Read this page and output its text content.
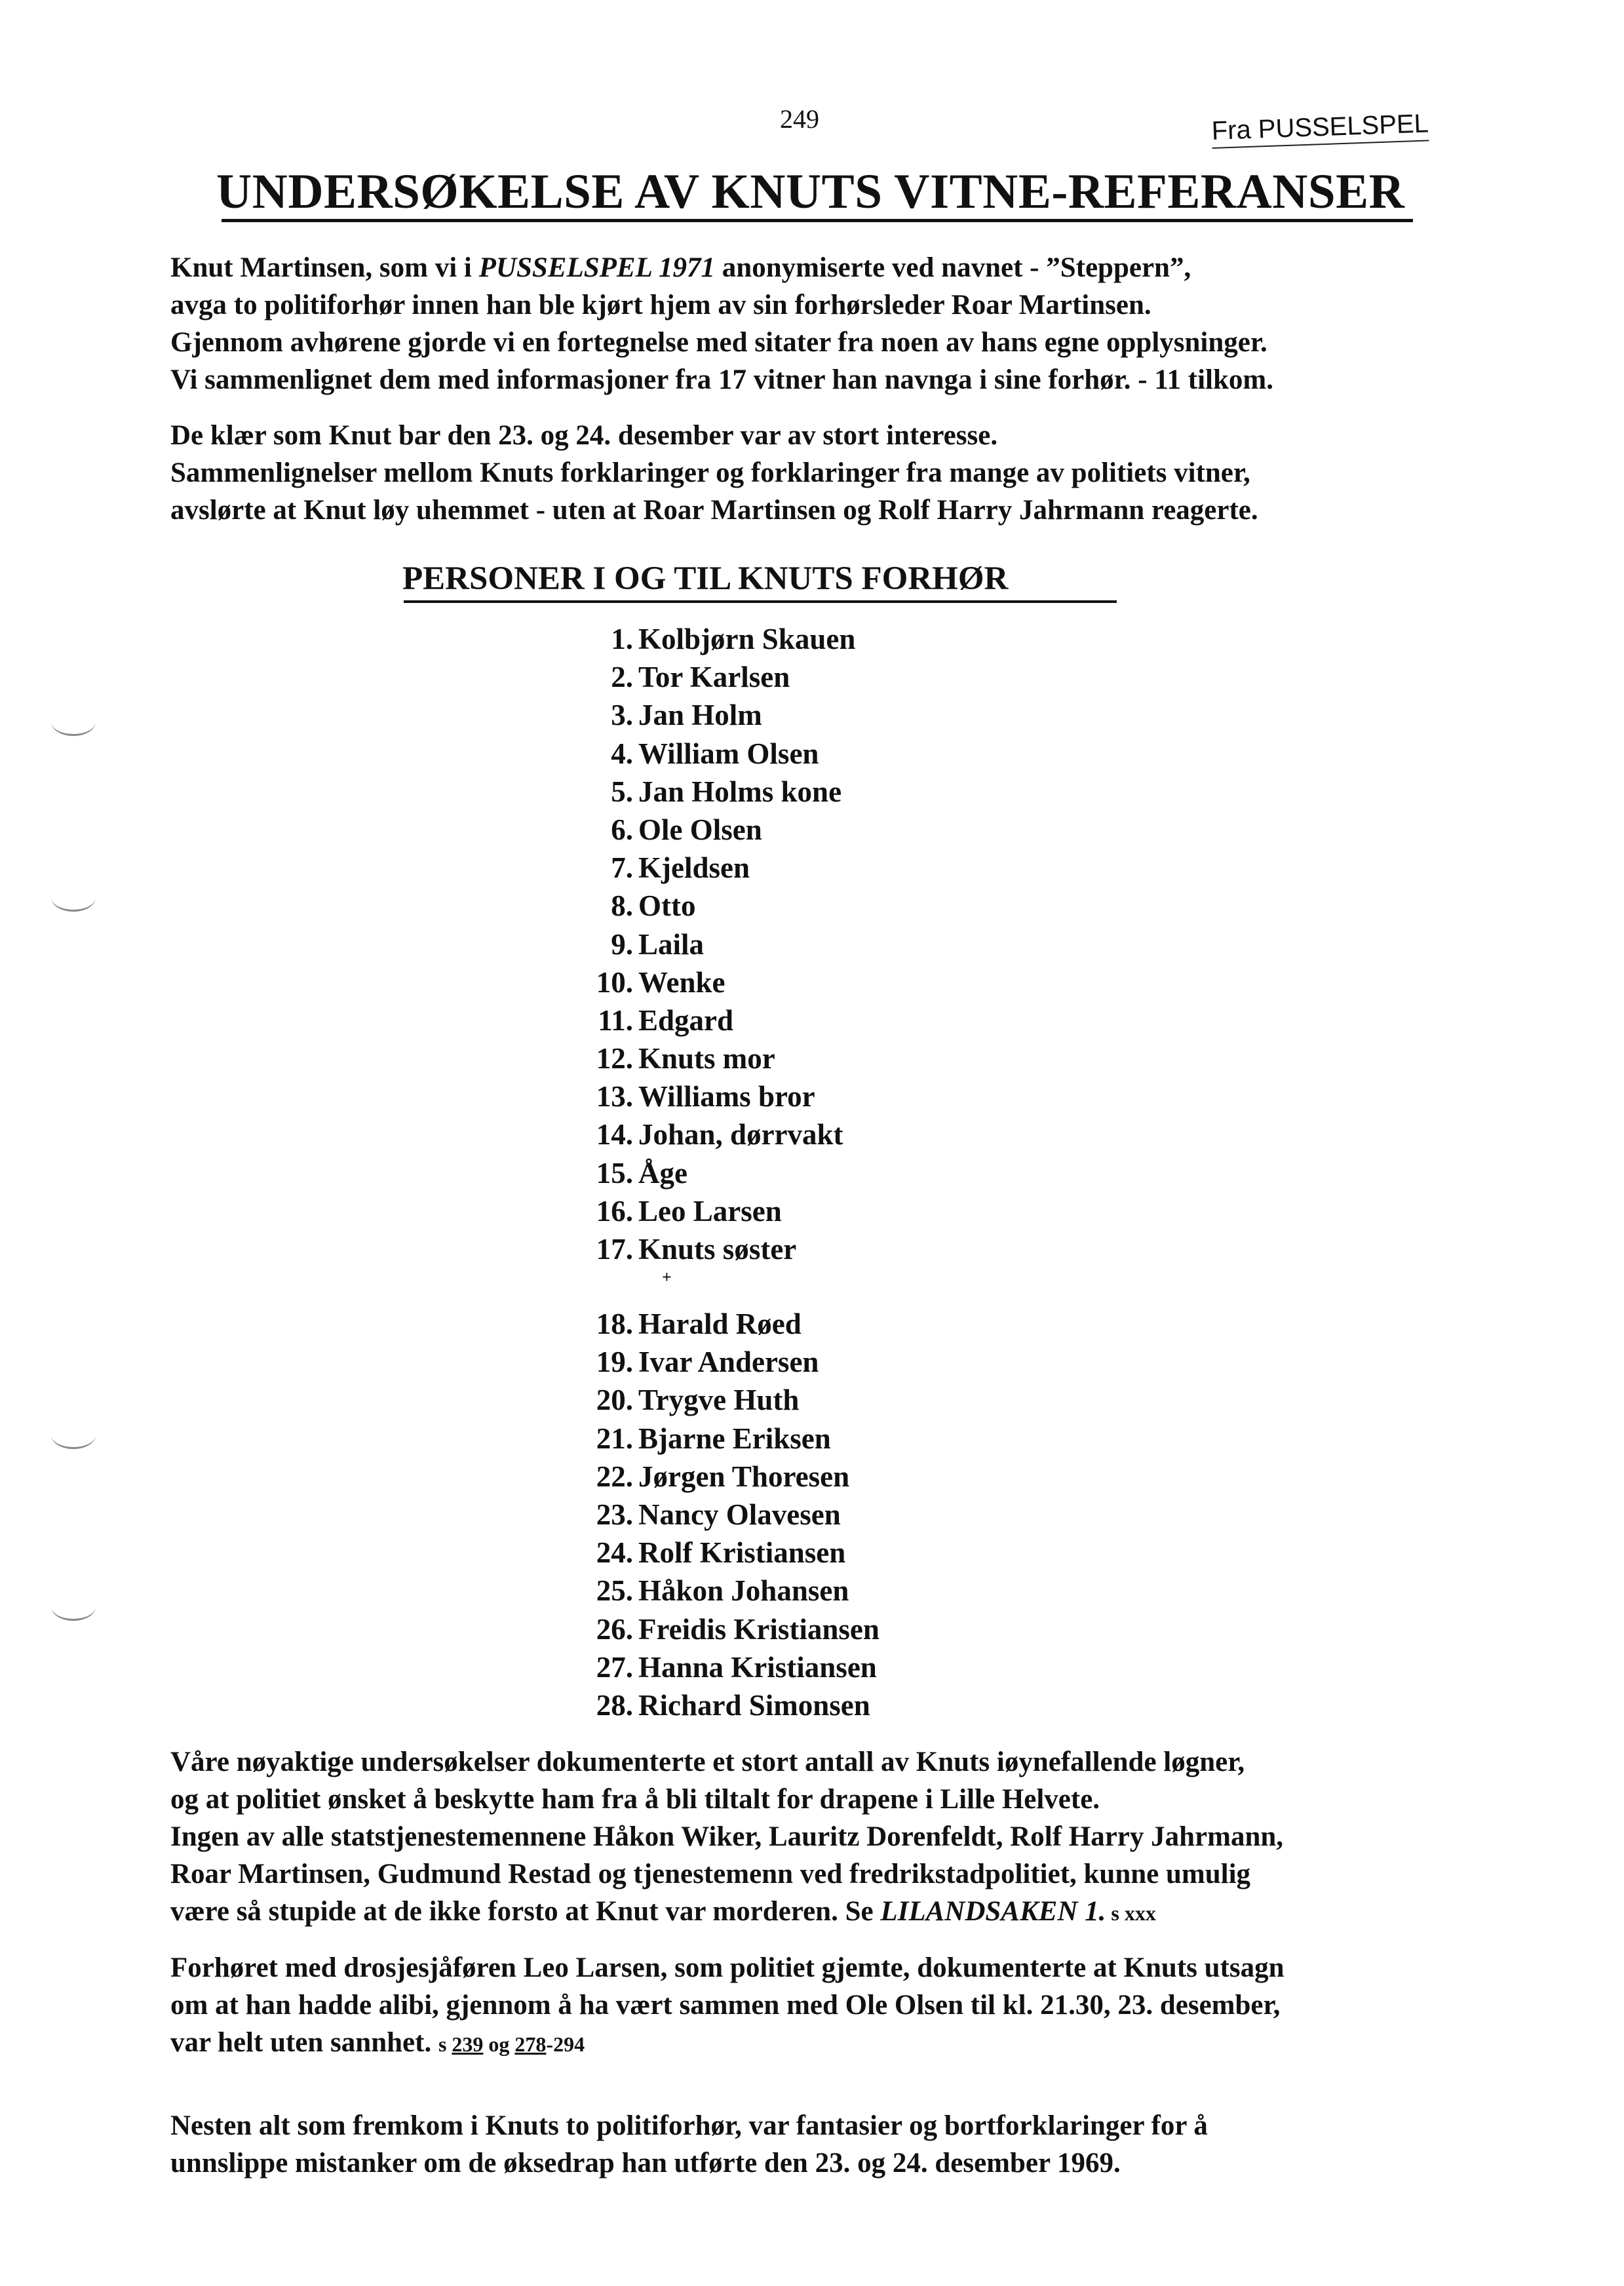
249	Fra PUSSELSPEL
UNDERSØKELSE AV KNUTS VITNE-REFERANSER
Knut Martinsen, som vi i PUSSELSPEL 1971 anonymiserte ved navnet - ”Steppern”,
avga to politiforhør innen han ble kjørt hjem av sin forhørsleder Roar Martinsen.
Gjennom avhørene gjorde vi en fortegnelse med sitater fra noen av hans egne opplysninger.
Vi sammenlignet dem med informasjoner fra 17 vitner han navnga i sine forhør. - 11 tilkom.
De klær som Knut bar den 23. og 24. desember var av stort interesse.
Sammenlignelser mellom Knuts forklaringer og forklaringer fra mange av politiets vitner,
avslørte at Knut løy uhemmet - uten at Roar Martinsen og Rolf Harry Jahrmann reagerte.
PERSONER I OG TIL KNUTS FORHØR
1. Kolbjørn Skauen
2. Tor Karlsen
3. Jan Holm
4. William Olsen
5. Jan Holms kone
6. Ole Olsen
7. Kjeldsen
8. Otto
9. Laila
10. Wenke
11. Edgard
12. Knuts mor
13. Williams bror
14. Johan, dørrvakt
15. Åge
16. Leo Larsen
17. Knuts søster
+
18. Harald Røed
19. Ivar Andersen
20. Trygve Huth
21. Bjarne Eriksen
22. Jørgen Thoresen
23. Nancy Olavesen
24. Rolf Kristiansen
25. Håkon Johansen
26. Freidis Kristiansen
27. Hanna Kristiansen
28. Richard Simonsen
Våre nøyaktige undersøkelser dokumenterte et stort antall av Knuts iøynefallende løgner,
og at politiet ønsket å beskytte ham fra å bli tiltalt for drapene i Lille Helvete.
Ingen av alle statstjenestemennene Håkon Wiker, Lauritz Dorenfeldt, Rolf Harry Jahrmann,
Roar Martinsen, Gudmund Restad og tjenestemenn ved fredrikstadpolitiet, kunne umulig
være så stupide at de ikke forsto at Knut var morderen. Se LILANDSAKEN 1. s xxx
Forhøret med drosjesjåføren Leo Larsen, som politiet gjemte, dokumenterte at Knuts utsagn
om at han hadde alibi, gjennom å ha vært sammen med Ole Olsen til kl. 21.30, 23. desember,
var helt uten sannhet. s 239 og 278-294
Nesten alt som fremkom i Knuts to politiforhør, var fantasier og bortforklaringer for å
unnslippe mistanker om de øksedrap han utførte den 23. og 24. desember 1969.
